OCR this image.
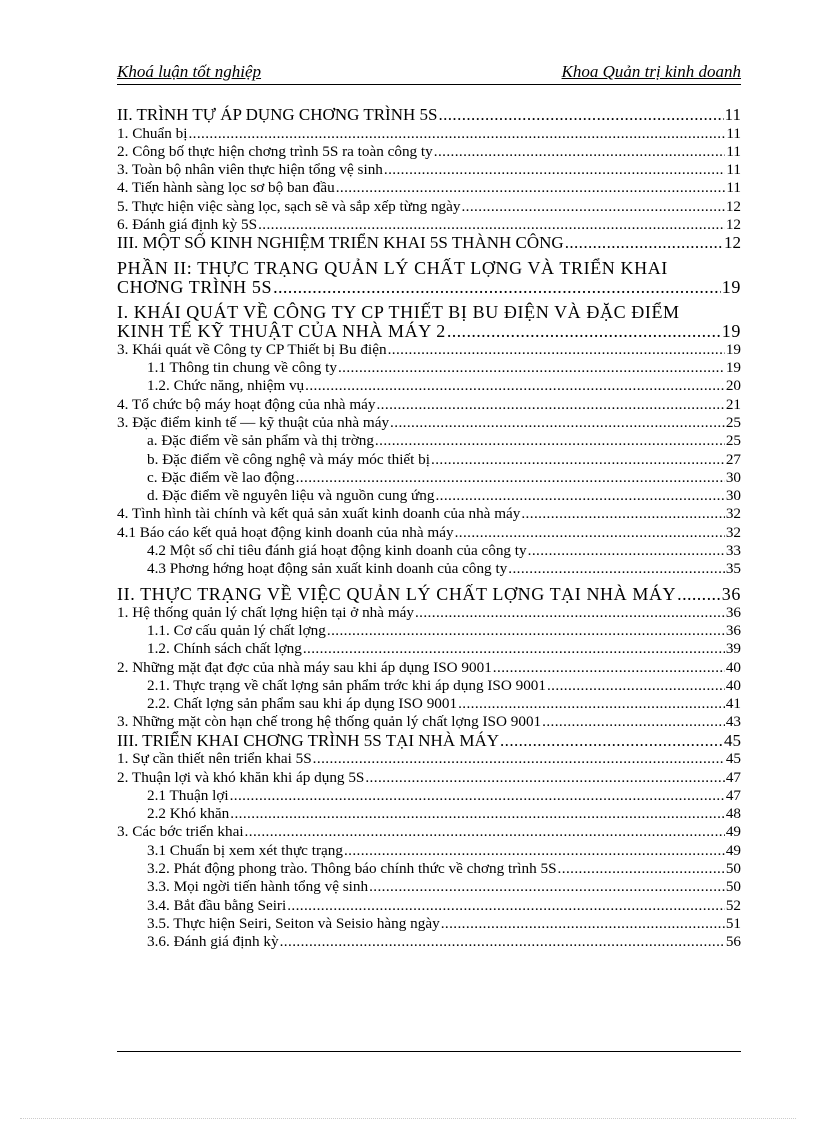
Khoá luận tốt nghiệp	Khoa Quản trị kinh doanh
II. TRÌNH TỰ ÁP DỤNG CHƠNG TRÌNH 5S .....	11
1. Chuẩn bị .....	11
2. Công bố thực hiện chơng trình 5S ra toàn công ty .....	11
3. Toàn bộ nhân viên thực hiện tổng vệ sinh .....	11
4. Tiến hành sàng lọc sơ bộ ban đầu .....	11
5. Thực hiện việc sàng lọc, sạch sẽ và sắp xếp từng ngày .....	12
6. Đánh giá định kỳ 5S .....	12
III. MỘT SỐ KINH NGHIỆM TRIỂN KHAI 5S THÀNH CÔNG .....	12
PHẦN II: THỰC TRẠNG QUẢN LÝ CHẤT LỢNG VÀ TRIỂN KHAI
CHƠNG TRÌNH 5S .....	19
I. KHÁI QUÁT VỀ CÔNG TY CP THIẾT BỊ BU ĐIỆN VÀ ĐẶC ĐIỂM
KINH TẾ KỸ THUẬT CỦA NHÀ MÁY 2 .....	19
3. Khái quát về Công ty CP Thiết bị Bu điện .....	19
1.1 Thông tin chung về công ty .....	19
1.2. Chức năng, nhiệm vụ .....	20
4. Tổ chức bộ máy hoạt động của nhà máy .....	21
3. Đặc điểm kinh tế — kỹ thuật của nhà máy .....	25
a. Đặc điểm về sản phẩm và thị trờng .....	25
b. Đặc điểm về công nghệ và máy móc thiết bị .....	27
c. Đặc điểm về lao động .....	30
d. Đặc điểm về nguyên liệu và nguồn cung ứng .....	30
4. Tình hình tài chính và kết quả sản xuất kinh doanh của nhà máy .....	32
4.1 Báo cáo kết quả hoạt động kinh doanh của nhà máy .....	32
4.2 Một số chỉ tiêu đánh giá hoạt động kinh doanh của công ty .....	33
4.3 Phơng hớng hoạt động sản xuất kinh doanh của công ty .....	35
II. THỰC TRẠNG VỀ VIỆC QUẢN LÝ CHẤT LỢNG TẠI NHÀ MÁY .....	36
1. Hệ thống quản lý chất lợng hiện tại ở nhà máy .....	36
1.1. Cơ cấu quản lý chất lợng .....	36
1.2. Chính sách chất lợng .....	39
2. Những mặt đạt đợc của nhà máy sau khi áp dụng ISO 9001 .....	40
2.1. Thực trạng về chất lợng sản phẩm trớc khi áp dụng ISO 9001 .....	40
2.2. Chất lợng sản phẩm sau khi áp dụng ISO 9001 .....	41
3. Những mặt còn hạn chế trong hệ thống quản lý chất lợng ISO 9001 .....	43
III. TRIỂN KHAI CHƠNG TRÌNH 5S TẠI NHÀ MÁY .....	45
1. Sự cần thiết nên triển khai 5S .....	45
2. Thuận lợi và khó khăn khi áp dụng 5S .....	47
2.1 Thuận lợi .....	47
2.2 Khó khăn .....	48
3. Các bớc triển khai .....	49
3.1 Chuẩn bị xem xét thực trạng .....	49
3.2. Phát động phong trào. Thông báo chính thức về chơng trình 5S .....	50
3.3. Mọi ngời tiến hành tổng vệ sinh .....	50
3.4. Bắt đầu bằng Seiri .....	52
3.5. Thực hiện Seiri, Seiton và Seisio hàng ngày .....	51
3.6. Đánh giá định kỳ .....	56
